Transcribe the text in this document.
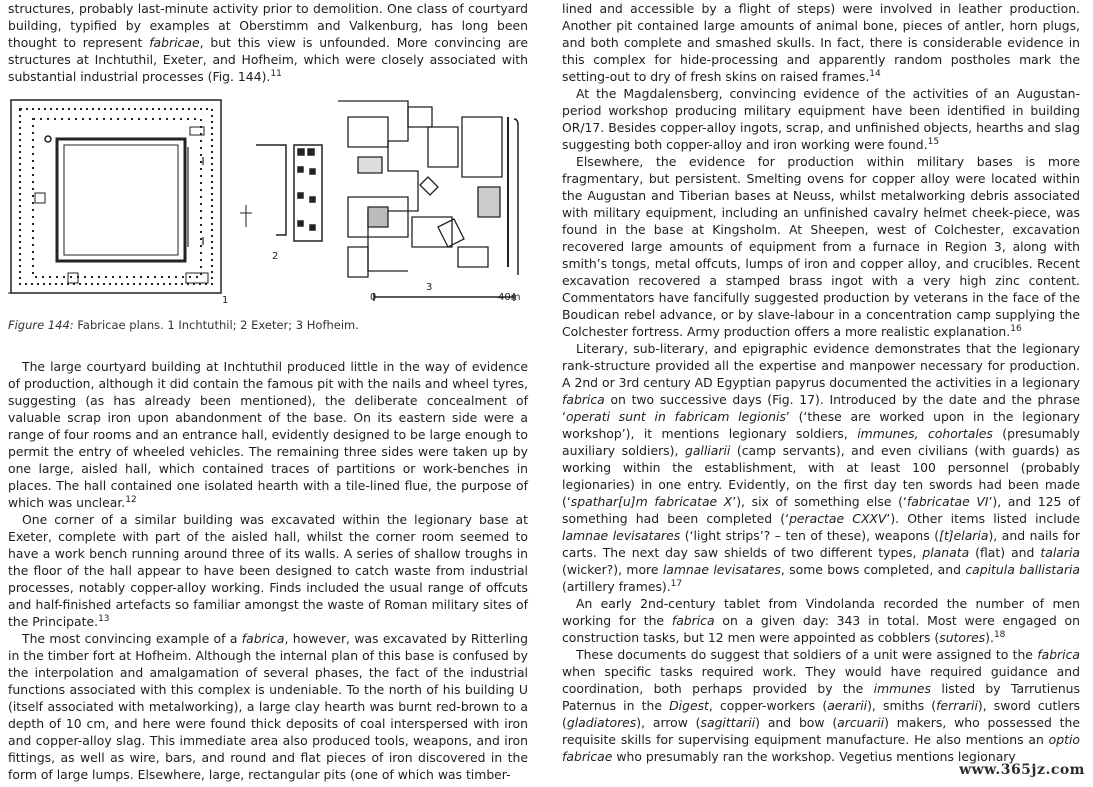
structures, probably last-minute activity prior to demolition. One class of courtyard building, typified by examples at Oberstimm and Valkenburg, has long been thought to represent fabricae, but this view is unfounded. More convincing are structures at Inchtuthil, Exeter, and Hofheim, which were closely associated with substantial industrial processes (Fig. 144).$^{11}$

1
2
3
0	40m
Figure 144: Fabricae plans. 1 Inchtuthil; 2 Exeter; 3 Hofheim.

The large courtyard building at Inchtuthil produced little in the way of evidence of production, although it did contain the famous pit with the nails and wheel tyres, suggesting (as has already been mentioned), the deliberate concealment of valuable scrap iron upon abandonment of the base. On its eastern side were a range of four rooms and an entrance hall, evidently designed to be large enough to permit the entry of wheeled vehicles. The remaining three sides were taken up by one large, aisled hall, which contained traces of partitions or work-benches in places. The hall contained one isolated hearth with a tile-lined flue, the purpose of which was unclear.$^{12}$

One corner of a similar building was excavated within the legionary base at Exeter, complete with part of the aisled hall, whilst the corner room seemed to have a work bench running around three of its walls. A series of shallow troughs in the floor of the hall appear to have been designed to catch waste from industrial processes, notably copper-alloy working. Finds included the usual range of offcuts and half-finished artefacts so familiar amongst the waste of Roman military sites of the Principate.$^{13}$

The most convincing example of a fabrica, however, was excavated by Ritterling in the timber fort at Hofheim. Although the internal plan of this base is confused by the interpolation and amalgamation of several phases, the fact of the industrial functions associated with this complex is undeniable. To the north of his building U (itself associated with metalworking), a large clay hearth was burnt red-brown to a depth of 10 cm, and here were found thick deposits of coal interspersed with iron and copper-alloy slag. This immediate area also produced tools, weapons, and iron fittings, as well as wire, bars, and round and flat pieces of iron discovered in the form of large lumps. Elsewhere, large, rectangular pits (one of which was timber-

lined and accessible by a flight of steps) were involved in leather production. Another pit contained large amounts of animal bone, pieces of antler, horn plugs, and both complete and smashed skulls. In fact, there is considerable evidence in this complex for hide-processing and apparently random postholes mark the setting-out to dry of fresh skins on raised frames.$^{14}$

At the Magdalensberg, convincing evidence of the activities of an Augustan-period workshop producing military equipment have been identified in building OR/17. Besides copper-alloy ingots, scrap, and unfinished objects, hearths and slag suggesting both copper-alloy and iron working were found.$^{15}$

Elsewhere, the evidence for production within military bases is more fragmentary, but persistent. Smelting ovens for copper alloy were located within the Augustan and Tiberian bases at Neuss, whilst metalworking debris associated with military equipment, including an unfinished cavalry helmet cheek-piece, was found in the base at Kingsholm. At Sheepen, west of Colchester, excavation recovered large amounts of equipment from a furnace in Region 3, along with smith’s tongs, metal offcuts, lumps of iron and copper alloy, and crucibles. Recent excavation recovered a stamped brass ingot with a very high zinc content. Commentators have fancifully suggested production by veterans in the face of the Boudican rebel advance, or by slave-labour in a concentration camp supplying the Colchester fortress. Army production offers a more realistic explanation.$^{16}$

Literary, sub-literary, and epigraphic evidence demonstrates that the legionary rank-structure provided all the expertise and manpower necessary for production. A 2nd or 3rd century AD Egyptian papyrus documented the activities in a legionary fabrica on two successive days (Fig. 17). Introduced by the date and the phrase ‘operati sunt in fabricam legionis’ (‘these are worked upon in the legionary workshop’), it mentions legionary soldiers, immunes, cohortales (presumably auxiliary soldiers), galliarii (camp servants), and even civilians (with guards) as working within the establishment, with at least 100 personnel (probably legionaries) in one entry. Evidently, on the first day ten swords had been made (‘spathar[u]m fabricatae X’), six of something else (‘fabricatae VI’), and 125 of something had been completed (‘peractae CXXV’). Other items listed include lamnae levisatares (‘light strips’? – ten of these), weapons ([t]elaria), and nails for carts. The next day saw shields of two different types, planata (flat) and talaria (wicker?), more lamnae levisatares, some bows completed, and capitula ballistaria (artillery frames).$^{17}$

An early 2nd-century tablet from Vindolanda recorded the number of men working for the fabrica on a given day: 343 in total. Most were engaged on construction tasks, but 12 men were appointed as cobblers (sutores).$^{18}$

These documents do suggest that soldiers of a unit were assigned to the fabrica when specific tasks required work. They would have required guidance and coordination, both perhaps provided by the immunes listed by Tarrutienus Paternus in the Digest, copper-workers (aerarii), smiths (ferrarii), sword cutlers (gladiatores), arrow (sagittarii) and bow (arcuarii) makers, who possessed the requisite skills for supervising equipment manufacture. He also mentions an optio fabricae who presumably ran the workshop. Vegetius mentions legionary

www.365jz.com
